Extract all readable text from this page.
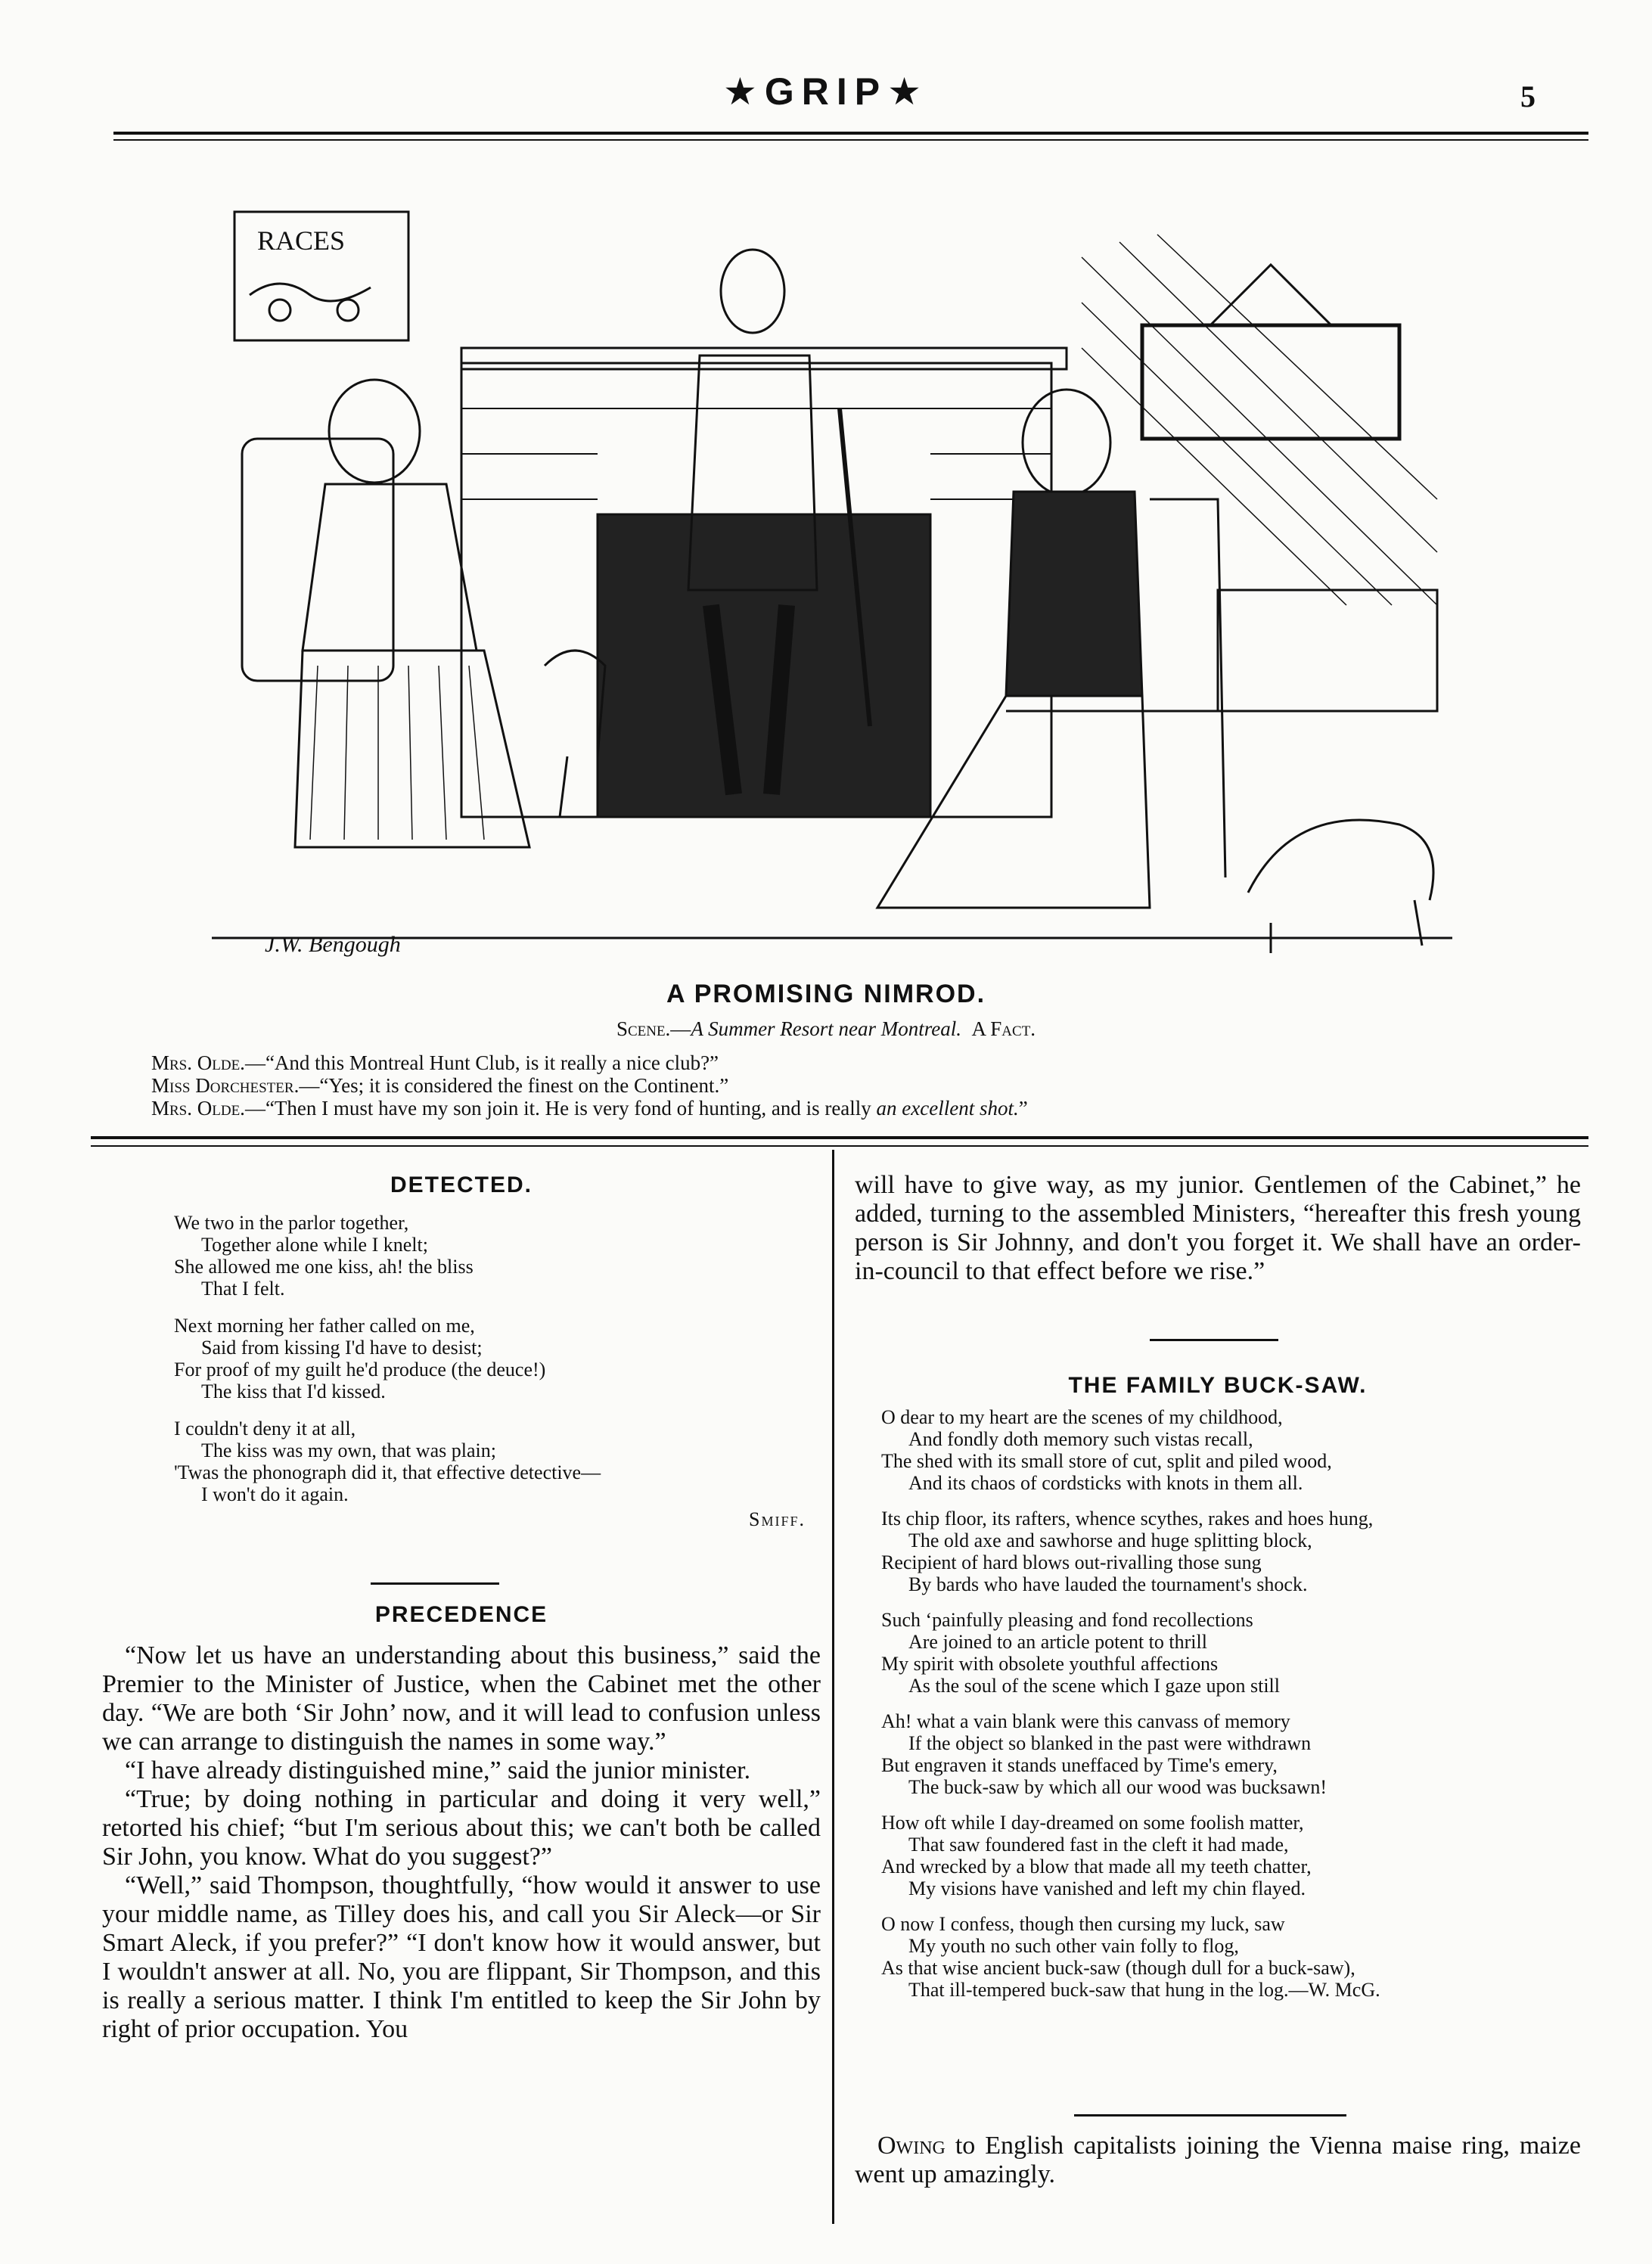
★GRIP★	5
RACES
J.W. Bengough
A PROMISING NIMROD.
Scene.—A Summer Resort near Montreal. A Fact.
Mrs. Olde.—“And this Montreal Hunt Club, is it really a nice club?”
Miss Dorchester.—“Yes; it is considered the finest on the Continent.”
Mrs. Olde.—“Then I must have my son join it. He is very fond of hunting, and is really an excellent shot.”
DETECTED.
We two in the parlor together,
Together alone while I knelt;
She allowed me one kiss, ah! the bliss
That I felt.
Next morning her father called on me,
Said from kissing I'd have to desist;
For proof of my guilt he'd produce (the deuce!)
The kiss that I'd kissed.
I couldn't deny it at all,
The kiss was my own, that was plain;
'Twas the phonograph did it, that effective detective—
I won't do it again.
Smiff.
PRECEDENCE

“Now let us have an understanding about this business,” said the Premier to the Minister of Justice, when the Cabinet met the other day. “We are both ‘Sir John’ now, and it will lead to confusion unless we can arrange to distinguish the names in some way.”

“I have already distinguished mine,” said the junior minister.

“True; by doing nothing in particular and doing it very well,” retorted his chief; “but I'm serious about this; we can't both be called Sir John, you know. What do you suggest?”

“Well,” said Thompson, thoughtfully, “how would it answer to use your middle name, as Tilley does his, and call you Sir Aleck—or Sir Smart Aleck, if you prefer?” “I don't know how it would answer, but I wouldn't answer at all. No, you are flippant, Sir Thompson, and this is really a serious matter. I think I'm entitled to keep the Sir John by right of prior occupation. You

will have to give way, as my junior. Gentlemen of the Cabinet,” he added, turning to the assembled Ministers, “hereafter this fresh young person is Sir Johnny, and don't you forget it. We shall have an order-in-council to that effect before we rise.”
THE FAMILY BUCK-SAW.
O dear to my heart are the scenes of my childhood,
And fondly doth memory such vistas recall,
The shed with its small store of cut, split and piled wood,
And its chaos of cordsticks with knots in them all.
Its chip floor, its rafters, whence scythes, rakes and hoes hung,
The old axe and sawhorse and huge splitting block,
Recipient of hard blows out-rivalling those sung
By bards who have lauded the tournament's shock.
Such ‘painfully pleasing and fond recollections
Are joined to an article potent to thrill
My spirit with obsolete youthful affections
As the soul of the scene which I gaze upon still
Ah! what a vain blank were this canvass of memory
If the object so blanked in the past were withdrawn
But engraven it stands uneffaced by Time's emery,
The buck-saw by which all our wood was bucksawn!
How oft while I day-dreamed on some foolish matter,
That saw foundered fast in the cleft it had made,
And wrecked by a blow that made all my teeth chatter,
My visions have vanished and left my chin flayed.
O now I confess, though then cursing my luck, saw
My youth no such other vain folly to flog,
As that wise ancient buck-saw (though dull for a buck-saw),
That ill-tempered buck-saw that hung in the log.—W. McG.
Owing to English capitalists joining the Vienna maise ring, maize went up amazingly.
